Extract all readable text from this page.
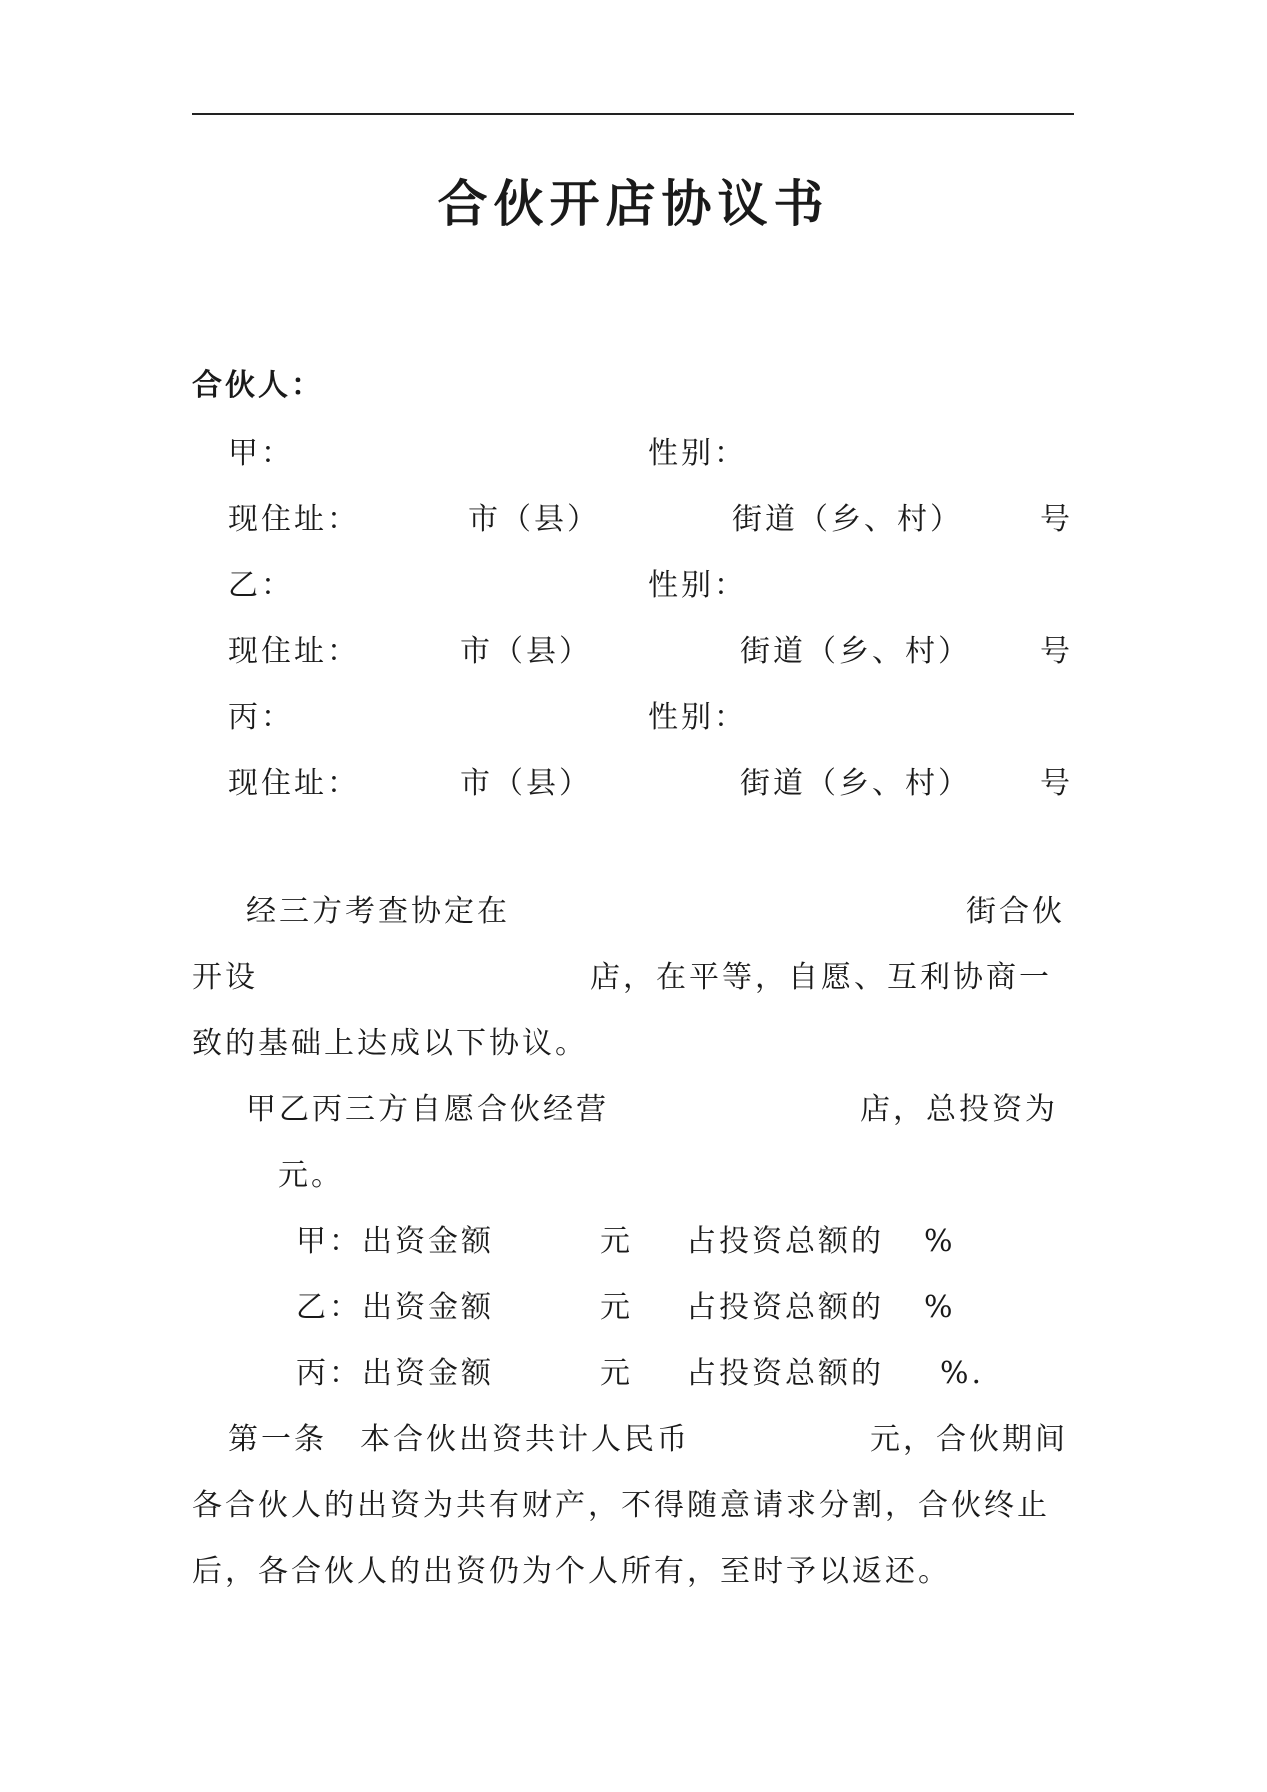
合伙开店协议书
合伙人：
甲：	性别：
现住址：	市（县）	街道（乡、村）	号
乙：	性别：
现住址：	市（县）	街道（乡、村） 号
丙：	性别：
现住址：	市（县）	街道（乡、村） 号
经三方考查协定在	街合伙
开设	店，在平等，自愿、互利协商一
致的基础上达成以下协议。
甲乙丙三方自愿合伙经营	店，总投资为
元。
甲：出资金额	元 占投资总额的 %
乙：出资金额	元 占投资总额的 %
丙：出资金额	元 占投资总额的 %.
第一条　本合伙出资共计人民币	元，合伙期间
各合伙人的出资为共有财产，不得随意请求分割，合伙终止
后，各合伙人的出资仍为个人所有，至时予以返还。
